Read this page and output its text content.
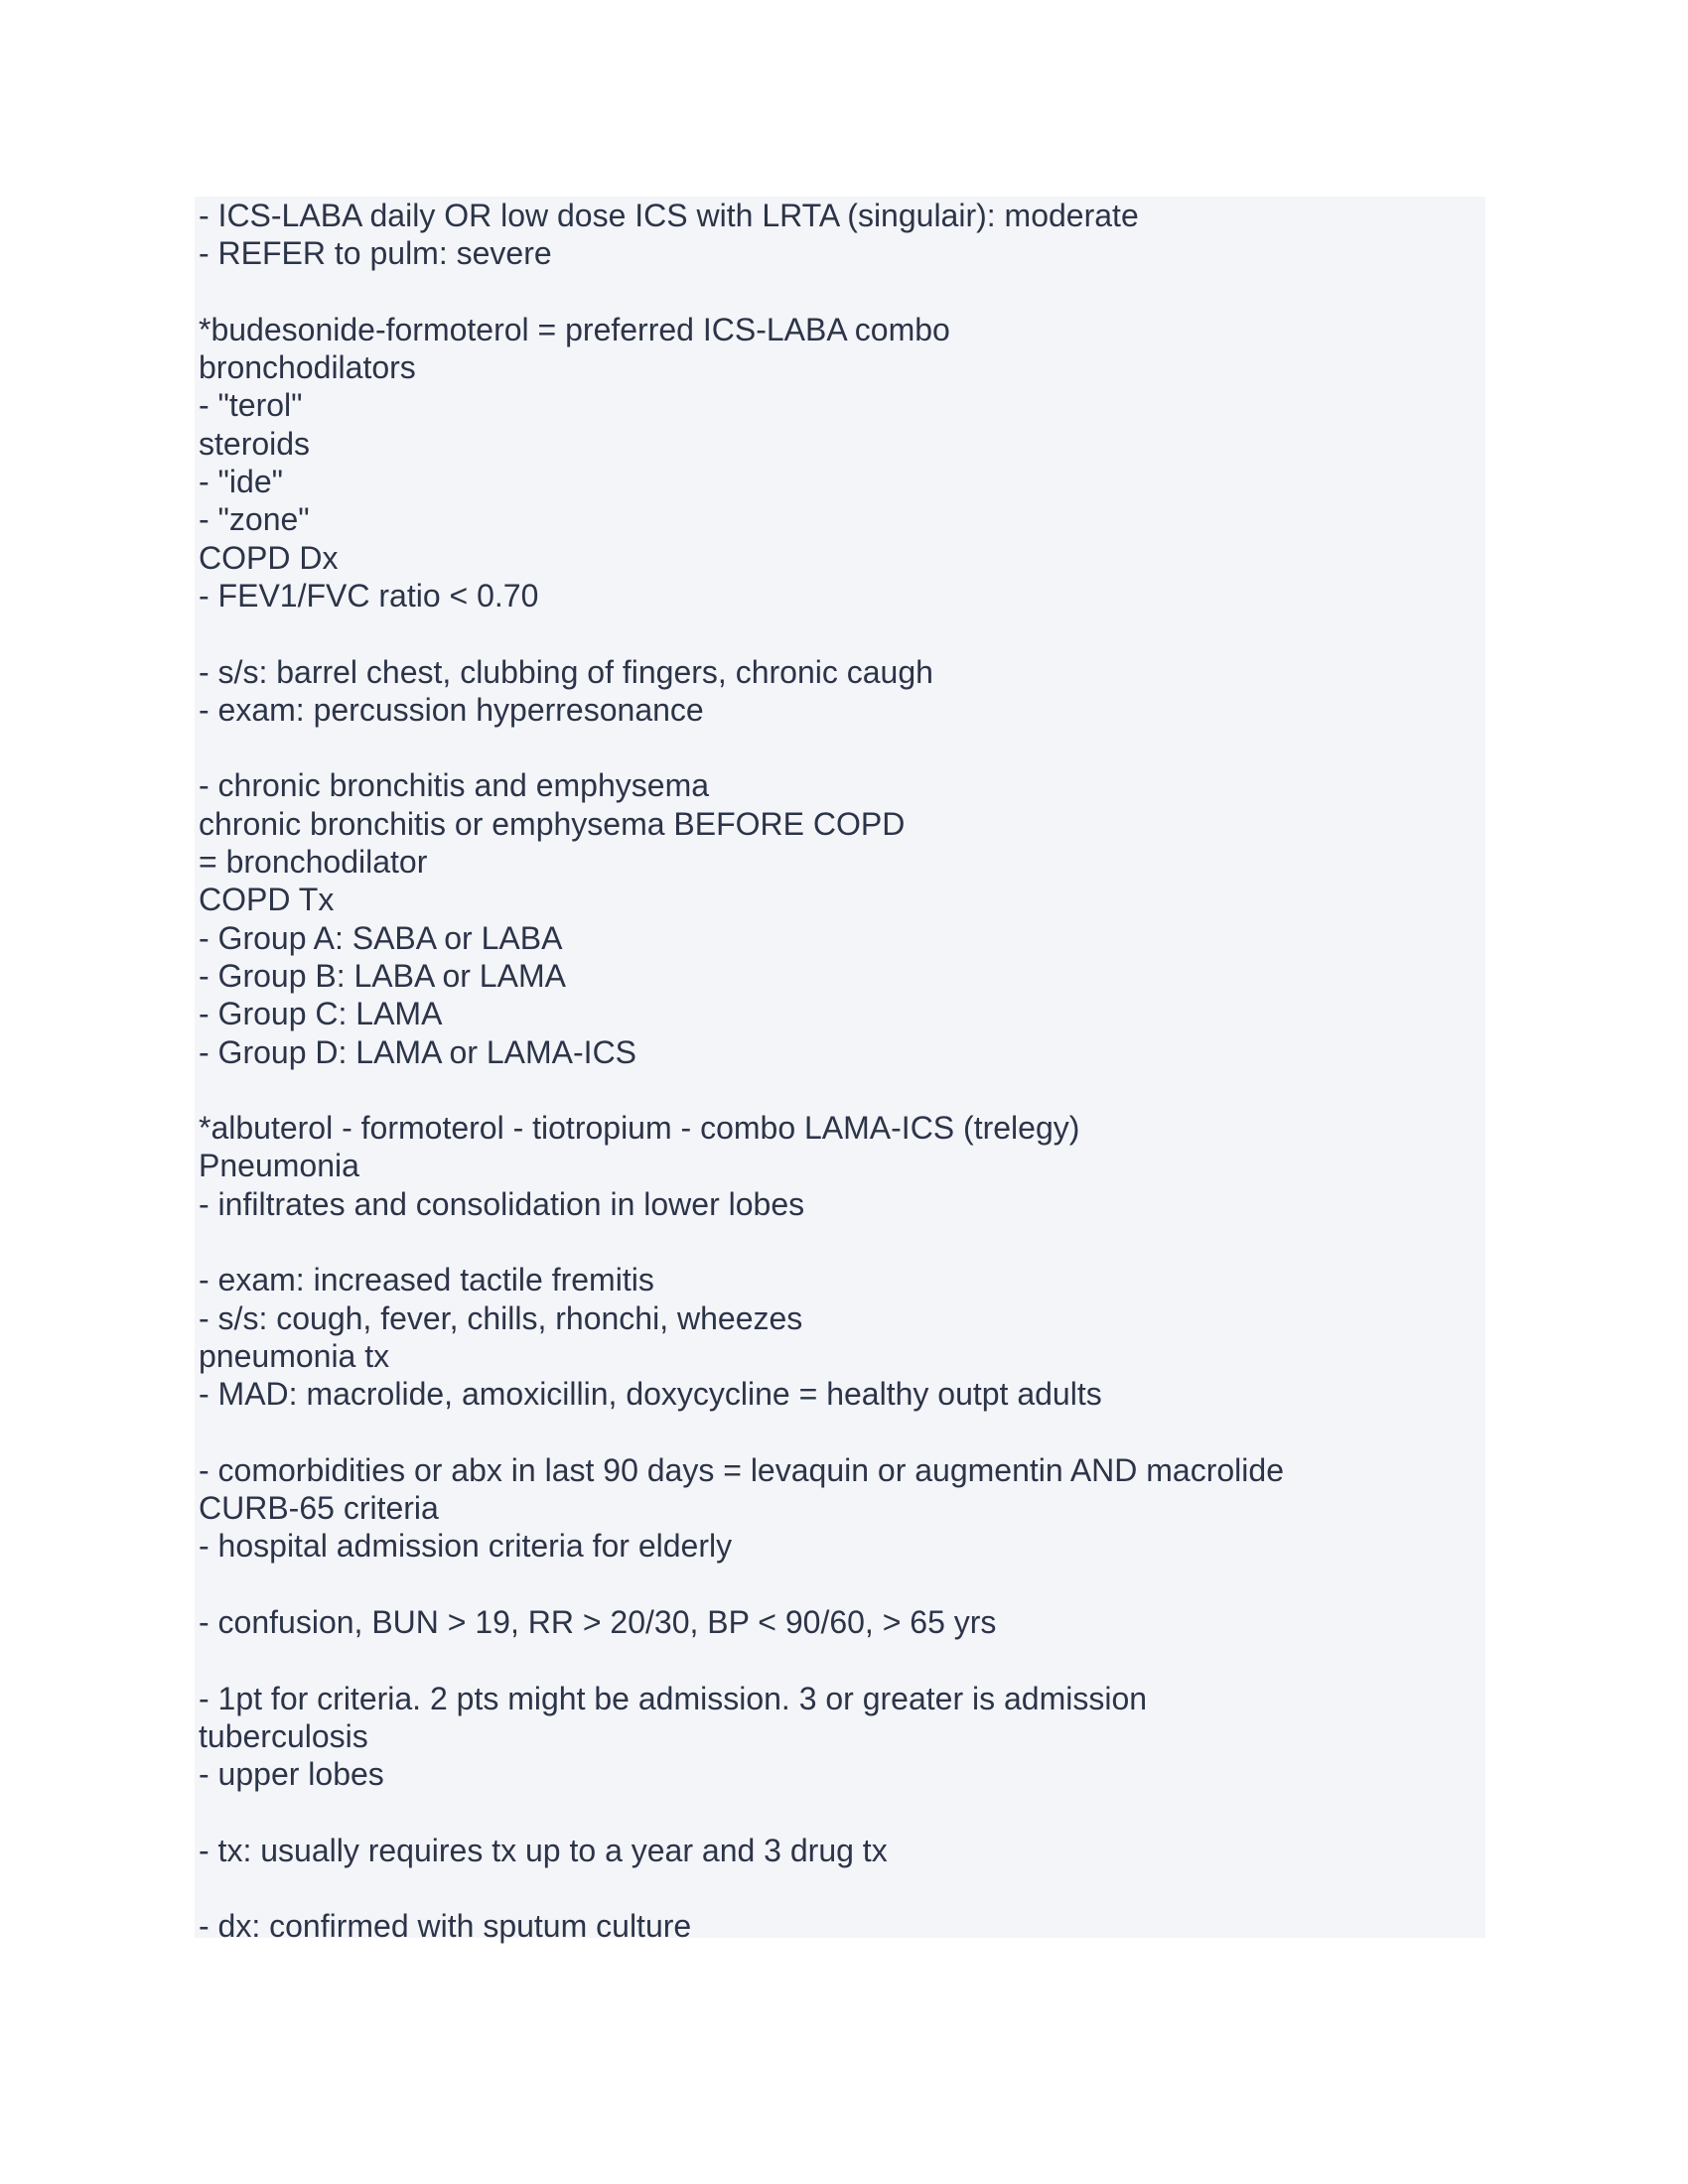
- ICS-LABA daily OR low dose ICS with LRTA (singulair): moderate
- REFER to pulm: severe
*budesonide-formoterol = preferred ICS-LABA combo
bronchodilators
- "terol"
steroids
- "ide"
- "zone"
COPD Dx
- FEV1/FVC ratio < 0.70
- s/s: barrel chest, clubbing of fingers, chronic caugh
- exam: percussion hyperresonance
- chronic bronchitis and emphysema
chronic bronchitis or emphysema BEFORE COPD
= bronchodilator
COPD Tx
- Group A: SABA or LABA
- Group B: LABA or LAMA
- Group C: LAMA
- Group D: LAMA or LAMA-ICS
*albuterol - formoterol - tiotropium - combo LAMA-ICS (trelegy)
Pneumonia
- infiltrates and consolidation in lower lobes
- exam: increased tactile fremitis
- s/s: cough, fever, chills, rhonchi, wheezes
pneumonia tx
- MAD: macrolide, amoxicillin, doxycycline = healthy outpt adults
- comorbidities or abx in last 90 days = levaquin or augmentin AND macrolide
CURB-65 criteria
- hospital admission criteria for elderly
- confusion, BUN > 19, RR > 20/30, BP < 90/60, > 65 yrs
- 1pt for criteria. 2 pts might be admission. 3 or greater is admission
tuberculosis
- upper lobes
- tx: usually requires tx up to a year and 3 drug tx
- dx: confirmed with sputum culture
